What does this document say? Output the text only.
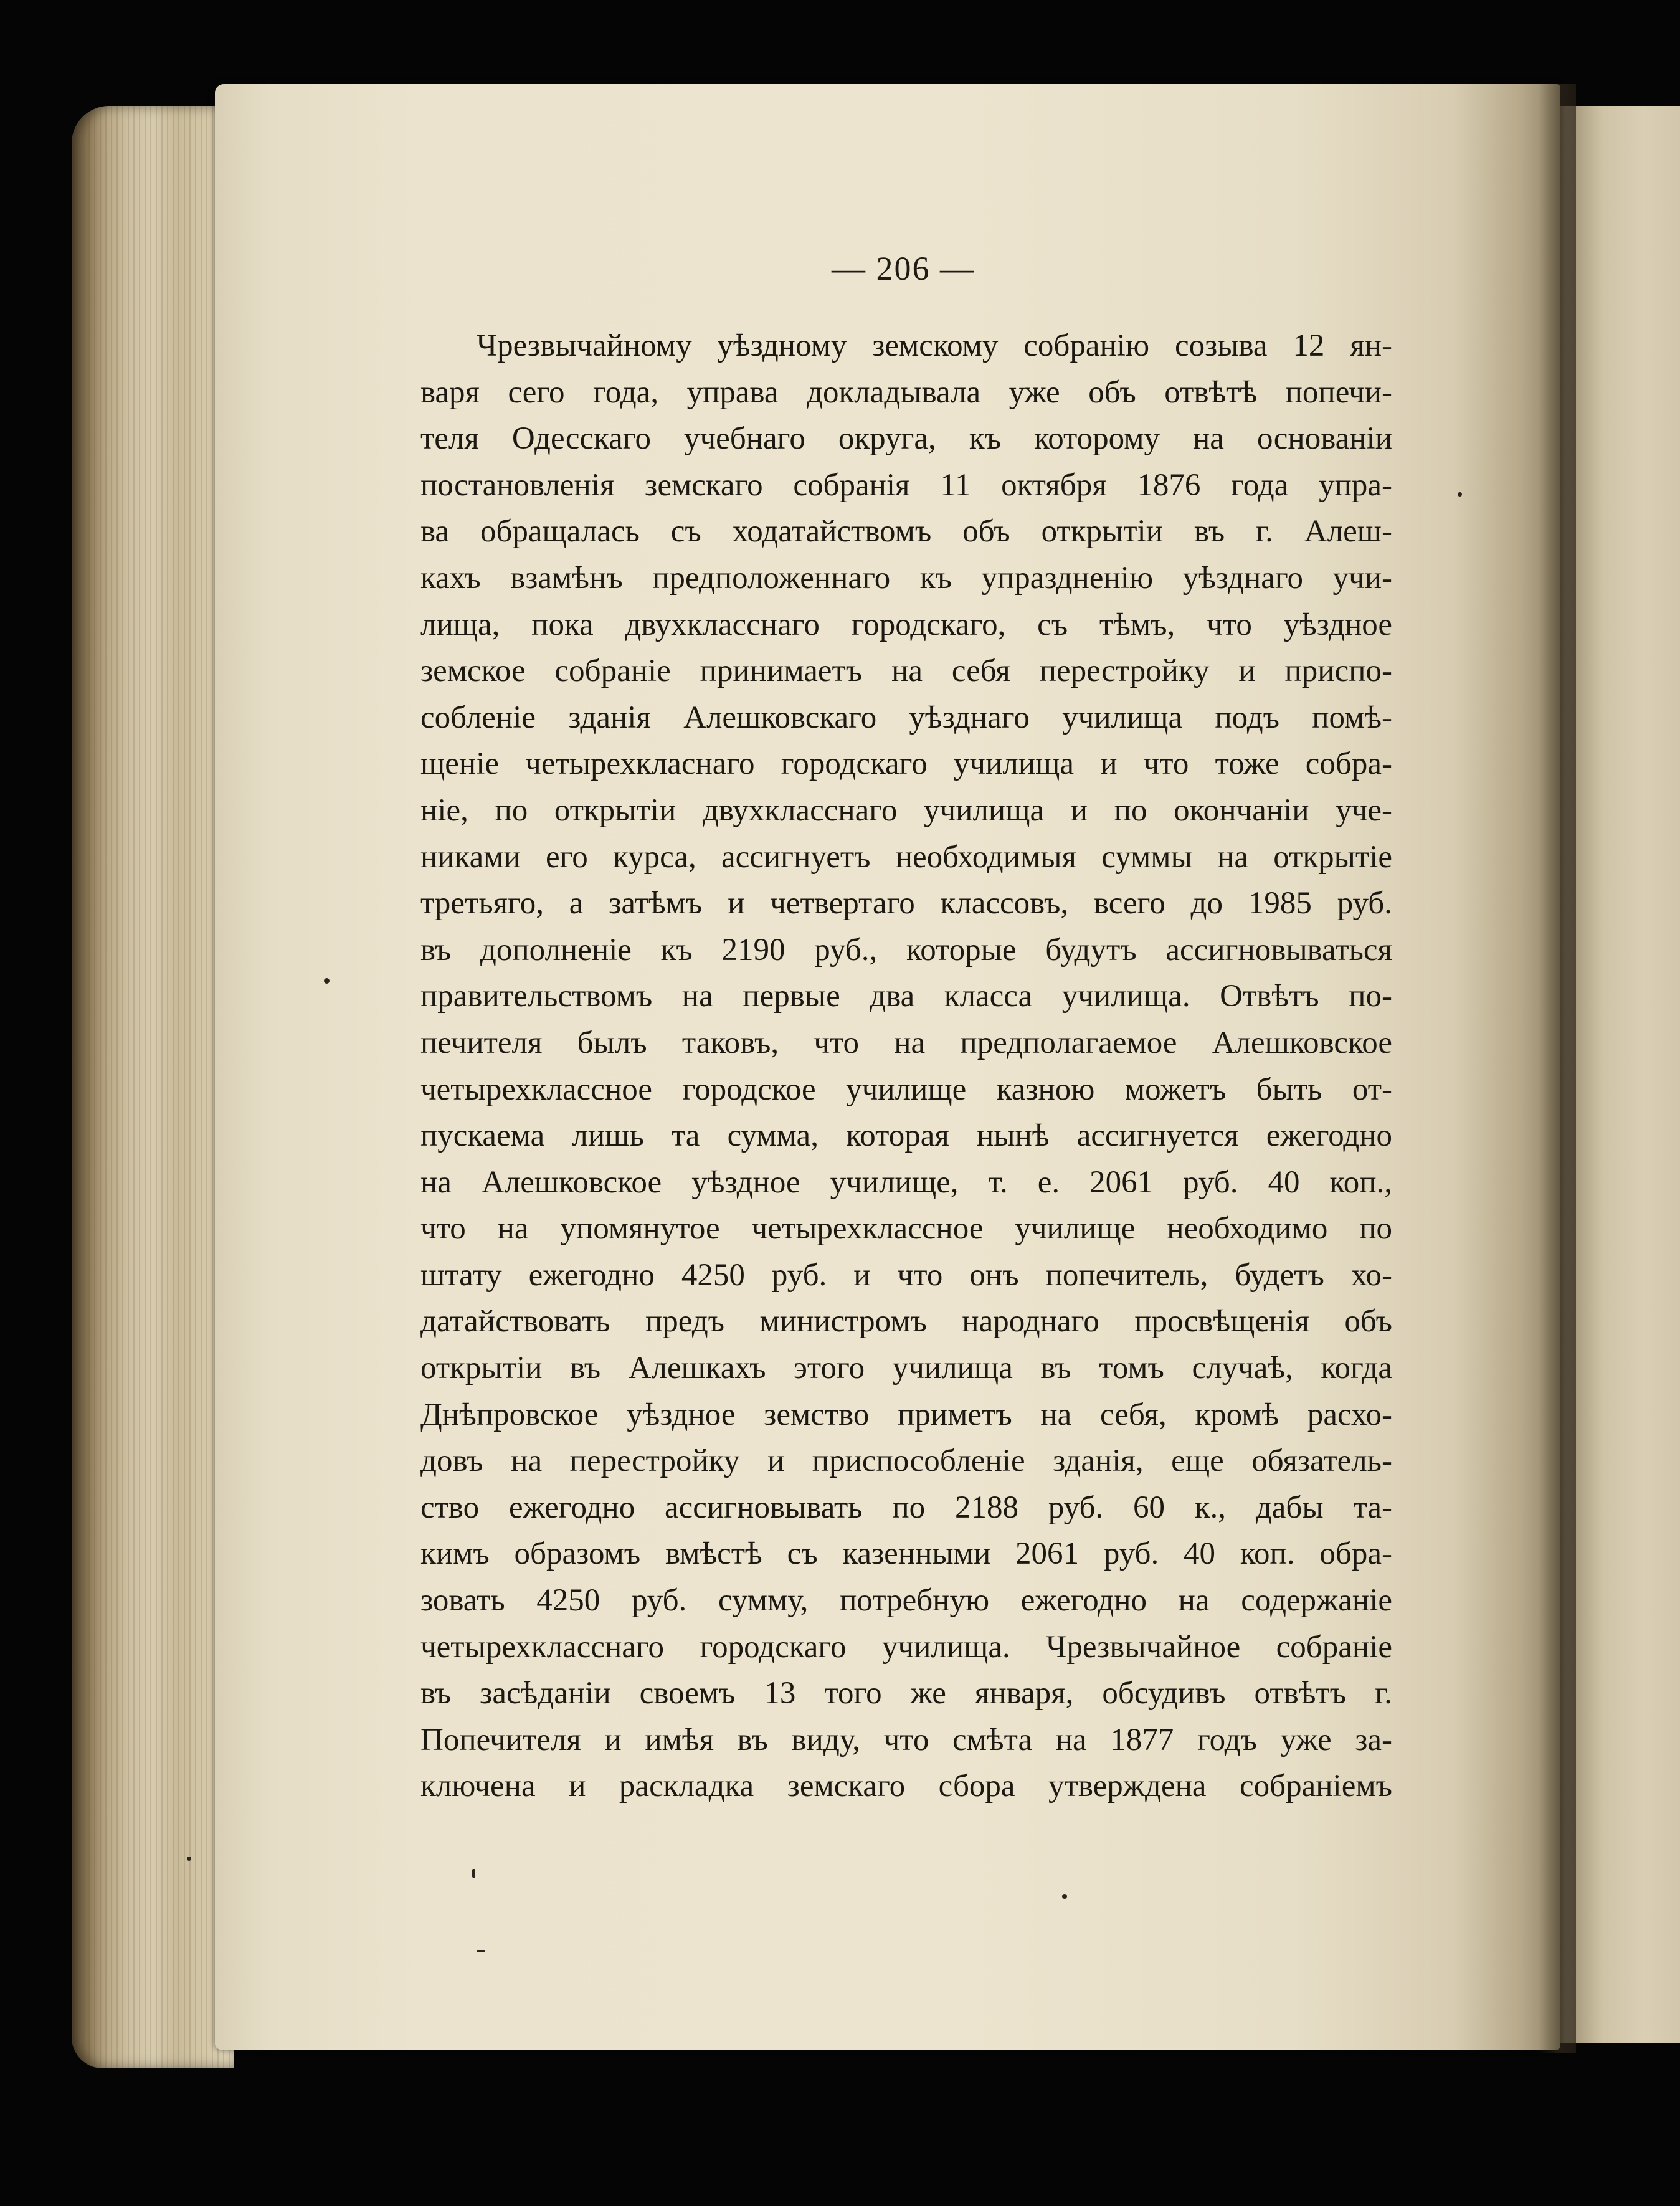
— 206 —
Чрезвычайному уѣздному земскому собранію созыва 12 ян-
варя сего года, управа докладывала уже объ отвѣтѣ попечи-
теля Одесскаго учебнаго округа, къ которому на основаніи
постановленія земскаго собранія 11 октября 1876 года упра-
ва обращалась съ ходатайствомъ объ открытіи въ г. Алеш-
кахъ взамѣнъ предположеннаго къ упраздненію уѣзднаго учи-
лища, пока двухкласснаго городскаго, съ тѣмъ, что уѣздное
земское собраніе принимаетъ на себя перестройку и приспо-
собленіе зданія Алешковскаго уѣзднаго училища подъ помѣ-
щеніе четырехкласнаго городскаго училища и что тоже собра-
ніе, по открытіи двухкласснаго училища и по окончаніи уче-
никами его курса, ассигнуетъ необходимыя суммы на открытіе
третьяго, а затѣмъ и четвертаго классовъ, всего до 1985 руб.
въ дополненіе къ 2190 руб., которые будутъ ассигновываться
правительствомъ на первые два класса училища. Отвѣтъ по-
печителя былъ таковъ, что на предполагаемое Алешковское
четырехклассное городское училище казною можетъ быть от-
пускаема лишь та сумма, которая нынѣ ассигнуется ежегодно
на Алешковское уѣздное училище, т. е. 2061 руб. 40 коп.,
что на упомянутое четырехклассное училище необходимо по
штату ежегодно 4250 руб. и что онъ попечитель, будетъ хо-
датайствовать предъ министромъ народнаго просвѣщенія объ
открытіи въ Алешкахъ этого училища въ томъ случаѣ, когда
Днѣпровское уѣздное земство приметъ на себя, кромѣ расхо-
довъ на перестройку и приспособленіе зданія, еще обязатель-
ство ежегодно ассигновывать по 2188 руб. 60 к., дабы та-
кимъ образомъ вмѣстѣ съ казенными 2061 руб. 40 коп. обра-
зовать 4250 руб. сумму, потребную ежегодно на содержаніе
четырехкласснаго городскаго училища. Чрезвычайное собраніе
въ засѣданіи своемъ 13 того же января, обсудивъ отвѣтъ г.
Попечителя и имѣя въ виду, что смѣта на 1877 годъ уже за-
ключена и раскладка земскаго сбора утверждена собраніемъ
